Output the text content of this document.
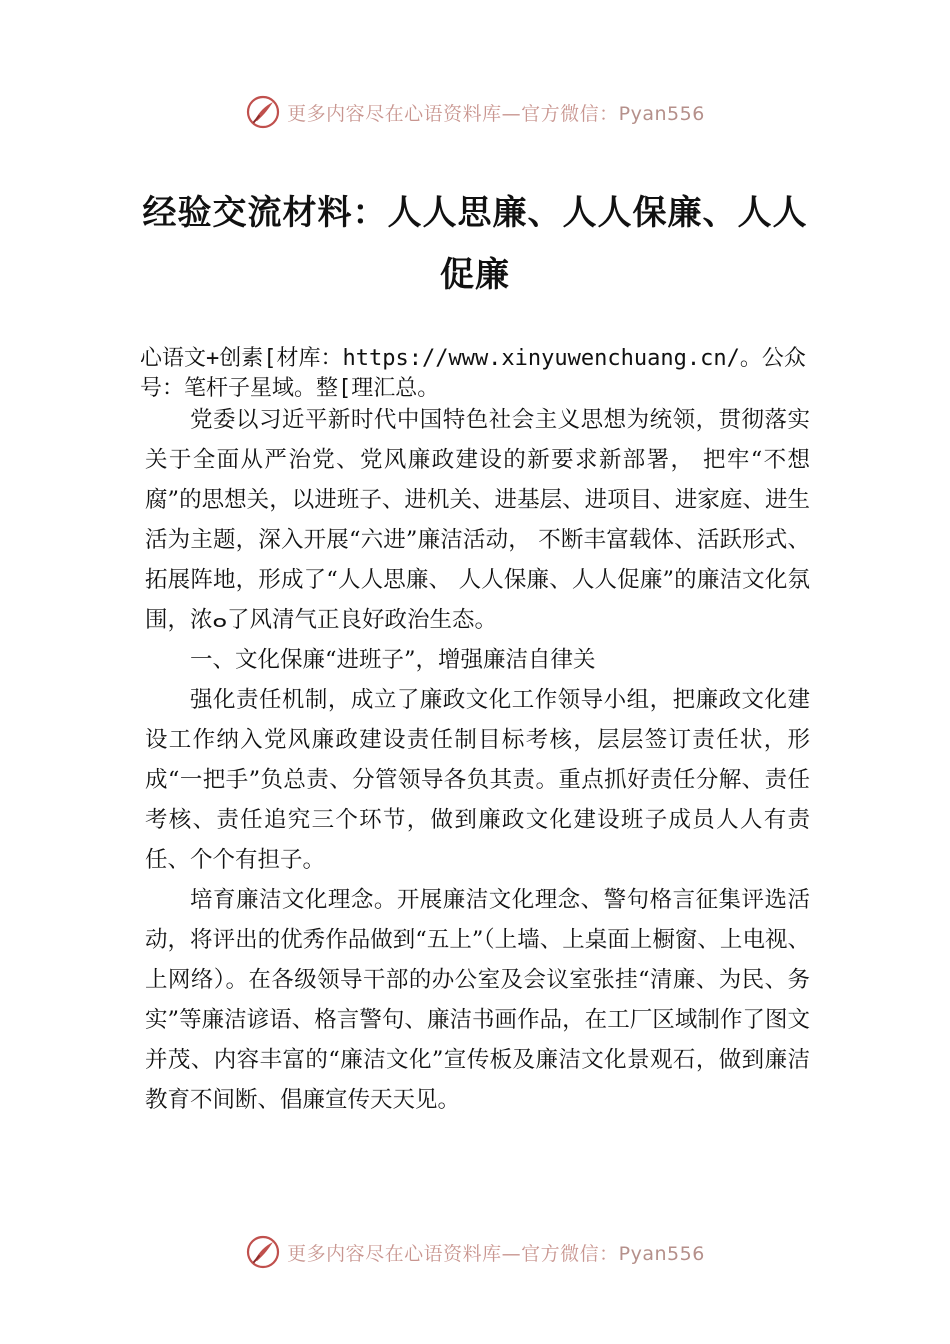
更多内容尽在心语资料库—官方微信：Pyan556
经验交流材料：人人思廉、人人保廉、人人促廉
心语文+创素[材库：https://www.xinyuwenchuang.cn/。公众号：笔杆子星域。整[理汇总。

党委以习近平新时代中国特色社会主义思想为统领，贯彻落实关于全面从严治党、党风廉政建设的新要求新部署， 把牢“不想腐”的思想关，以进班子、进机关、进基层、进项目、进家庭、进生活为主题，深入开展“六进”廉洁活动， 不断丰富载体、活跃形式、拓展阵地，形成了“人人思廉、 人人保廉、人人促廉”的廉洁文化氛围，浓ⴰ了风清气正良好政治生态。

一、文化保廉“进班子”，增强廉洁自律关

强化责任机制，成立了廉政文化工作领导小组，把廉政文化建设工作纳入党风廉政建设责任制目标考核，层层签订责任状，形成“一把手”负总责、分管领导各负其责。重点抓好责任分解、责任考核、责任追究三个环节，做到廉政文化建设班子成员人人有责任、个个有担子。

培育廉洁文化理念。开展廉洁文化理念、警句格言征集评选活动，将评出的优秀作品做到“五上”（上墙、上桌面上橱窗、上电视、上网络）。在各级领导干部的办公室及会议室张挂“清廉、为民、务实”等廉洁谚语、格言警句、廉洁书画作品，在工厂区域制作了图文并茂、内容丰富的“廉洁文化”宣传板及廉洁文化景观石，做到廉洁教育不间断、倡廉宣传天天见。

更多内容尽在心语资料库—官方微信：Pyan556
